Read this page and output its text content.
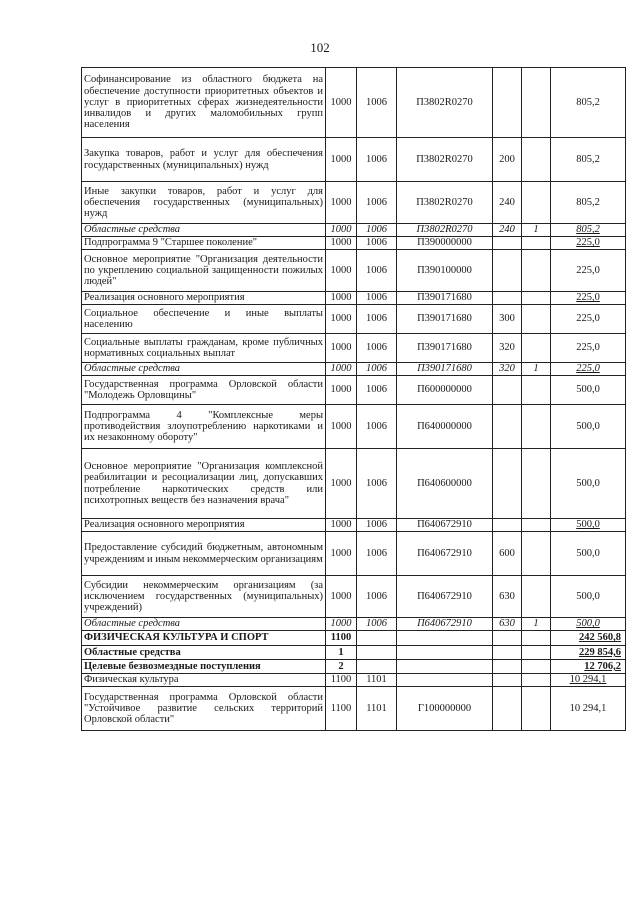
102
Софинансирование из областного бюджета на обеспечение доступности приоритетных объектов и услуг в приоритетных сферах жизнедеятельности инвалидов и других маломобильных групп населения	1000	1006	П3802R0270			805,2
Закупка товаров, работ и услуг для обеспечения государственных (муниципальных) нужд	1000	1006	П3802R0270	200		805,2
Иные закупки товаров, работ и услуг для обеспечения государственных (муниципальных) нужд	1000	1006	П3802R0270	240		805,2
Областные средства	1000	1006	П3802R0270	240	1	805,2
Подпрограмма 9 "Старшее поколение"	1000	1006	П390000000			225,0
Основное мероприятие "Организация деятельности по укреплению социальной защищенности пожилых людей"	1000	1006	П390100000			225,0
Реализация основного мероприятия	1000	1006	П390171680			225,0
Социальное обеспечение и иные выплаты населению	1000	1006	П390171680	300		225,0
Социальные выплаты гражданам, кроме публичных нормативных социальных выплат	1000	1006	П390171680	320		225,0
Областные средства	1000	1006	П390171680	320	1	225,0
Государственная программа Орловской области "Молодежь Орловщины"	1000	1006	П600000000			500,0
Подпрограмма 4 "Комплексные меры противодействия злоупотреблению наркотиками и их незаконному обороту"	1000	1006	П640000000			500,0
Основное мероприятие "Организация комплексной реабилитации и ресоциализации лиц, допускавших потребление наркотических средств или психотропных веществ без назначения врача"	1000	1006	П640600000			500,0
Реализация основного мероприятия	1000	1006	П640672910			500,0
Предоставление субсидий бюджетным, автономным учреждениям и иным некоммерческим организациям	1000	1006	П640672910	600		500,0
Субсидии некоммерческим организациям (за исключением государственных (муниципальных) учреждений)	1000	1006	П640672910	630		500,0
Областные средства	1000	1006	П640672910	630	1	500,0
ФИЗИЧЕСКАЯ КУЛЬТУРА И СПОРТ	1100					242 560,8
Областные средства	1					229 854,6
Целевые безвозмездные поступления	2					12 706,2
Физическая культура	1100	1101				10 294,1
Государственная программа Орловской области "Устойчивое развитие сельских территорий Орловской области"	1100	1101	Г100000000			10 294,1
